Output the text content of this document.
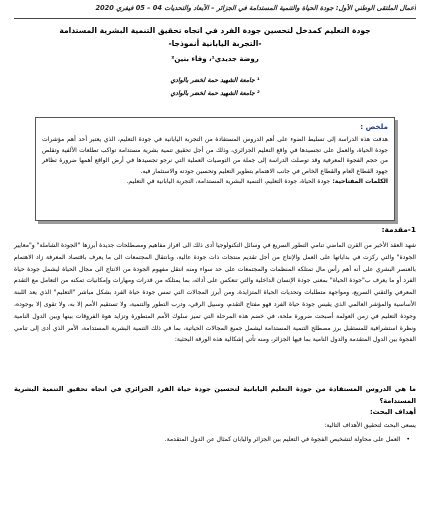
أعمال الملتقى الوطني الأول: جودة الحياة والتنمية المستدامة في الجزائر – الأبعاد والتحديات 04 – 05 فيفري 2020
جودة التعليم كمدخل لتحسين جودة الفرد في اتجاه تحقيق التنمية البشرية المستدامة
-التجربة اليابانية أنموذجا-
روضة جديدي¹، وفاء بنين²
¹ جامعة الشهيد حمة لخضر بالوادي
² جامعة الشهيد حمة لخضر بالوادي
ملخص :
هدفت هذه الدراسة إلى تسليط الضوء على أهم الدروس المستفادة من التجربة اليابانية في جودة التعليم، الذي يعتبر أحد أهم مؤشرات جودة الحياة، والعمل على تجسيدها في واقع التعليم الجزائري، وذلك من أجل تحقيق تنمية بشرية مستدامة تواكب تطلعات الألفية وتقلص من حجم الفجوة المعرفية وقد توصلت الدراسة إلى جملة من التوصيات العملية التي نرجو تجسيدها في أرض الواقع أهمها ضرورة تظافر جهود القطاع العام والقطاع الخاص في جانب الاهتمام بتطوير التعليم وتحسين جودته والاستثمار فيه.
الكلمات المفتاحية: جودة الحياة، جودة التعليم، التنمية البشرية المستدامة، التجربة اليابانية في التعليم.
1-مقدمة:
شهد العقد الأخير من القرن الماضي تنامي التطور السريع في وسائل التكنولوجيا أدى ذلك الى افراز مفاهيم ومصطلحات جديدة أبرزها "الجودة الشاملة" و"معايير الجودة" والتي ركزت في بداياتها على العمل والإنتاج من أجل تقديم منتجات ذات جودة عالية، وبانتقال المجتمعات الى ما يعرف باقتصاد المعرفة زاد الاهتمام بالعنصر البشري على أنه أهم رأس مال تمتلكه المنظمات والمجتمعات على حد سواء ومنه انتقل مفهوم الجودة من الانتاج الى مجال الحياة ليشمل جودة حياة الفرد أو ما يعرف ب"جودة الحياة" بمعنى جودة الإنسان الداخلية والتي تنعكس على أدائه، بما يمتلكه من قدرات ومهارات وإمكانيات تمكنه من التعامل مع التقدم المعرفي والتقني السريع، ومواجهة متطلبات وتحديات الحياة المتزايدة، ومن أبرز المجالات التي تمس جودة حياة الفرد بشكل مباشر "التعليم" الذي يعد اللبنة الأساسية والمؤشر العالمي الذي يقيس جودة حياة الفرد فهو مفتاح التقدم، وسبيل الرقي، ودرب التطور والتنمية، ولا تستقيم الأمم إلا به، ولا تقوى إلا بوجوده، وجودة التعليم في زمن العولمة أصبحت ضرورة ملحة، في خضم هذه المرحلة التي تميز سلوك الأمم المتطورة وتزايد هوة الفروقات بينها وبين الدول النامية ونظرة استشرافية للمستقبل برز مصطلح التنمية المستدامة ليشمل جميع المجالات الحياتية، بما في ذلك التنمية البشرية المستدامة، الأمر الذي أدى إلى تنامي الفجوة بين الدول المتقدمة والدول النامية بما فيها الجزائر، ومنه تأتي إشكالية هذه الورقة البحثية:
ما هي الدروس المستفادة من جودة التعليم اليابانية لتحسين جودة حياة الفرد الجزائري في اتجاه تحقيق التنمية البشرية المستدامة؟
أهداف البحث:
يسعى البحث لتحقيق الأهداف التالية:
• العمل على محاولة لتشخيص الفجوة في التعليم بين الجزائر واليابان كمثال عن الدول المتقدمة.
